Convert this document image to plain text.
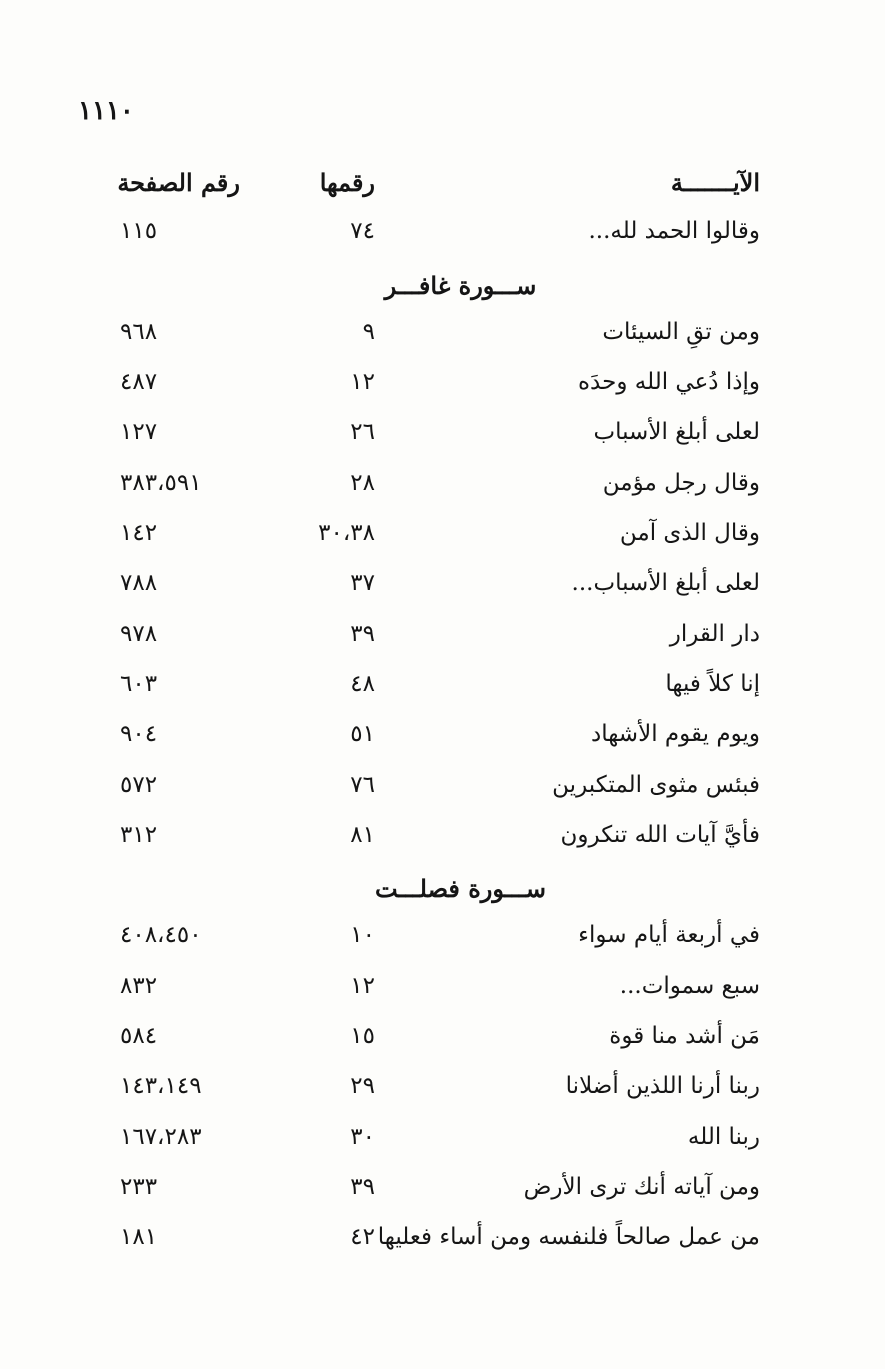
١١١٠
الآيـــــــة
رقمها
رقم الصفحة
وقالوا الحمد لله...
٧٤
١١٥
ســـورة غافـــر
ومن تقِ السيئات
٩
٩٦٨
وإذا دُعي الله وحدَه
١٢
٤٨٧
لعلى أبلغ الأسباب
٢٦
١٢٧
وقال رجل مؤمن
٢٨
٣٨٣،٥٩١
وقال الذى آمن
٣٠،٣٨
١٤٢
لعلى أبلغ الأسباب...
٣٧
٧٨٨
دار القرار
٣٩
٩٧٨
إنا كلاً فيها
٤٨
٦٠٣
ويوم يقوم الأشهاد
٥١
٩٠٤
فبئس مثوى المتكبرين
٧٦
٥٧٢
فأيَّ آيات الله تنكرون
٨١
٣١٢
ســـورة فصلـــت
في أربعة أيام سواء
١٠
٤٠٨،٤٥٠
سبع سموات...
١٢
٨٣٢
مَن أشد منا قوة
١٥
٥٨٤
ربنا أرنا اللذين أضلانا
٢٩
١٤٣،١٤٩
ربنا الله
٣٠
١٦٧،٢٨٣
ومن آياته أنك ترى الأرض
٣٩
٢٣٣
من عمل صالحاً فلنفسه ومن أساء فعليها
٤٢
١٨١
